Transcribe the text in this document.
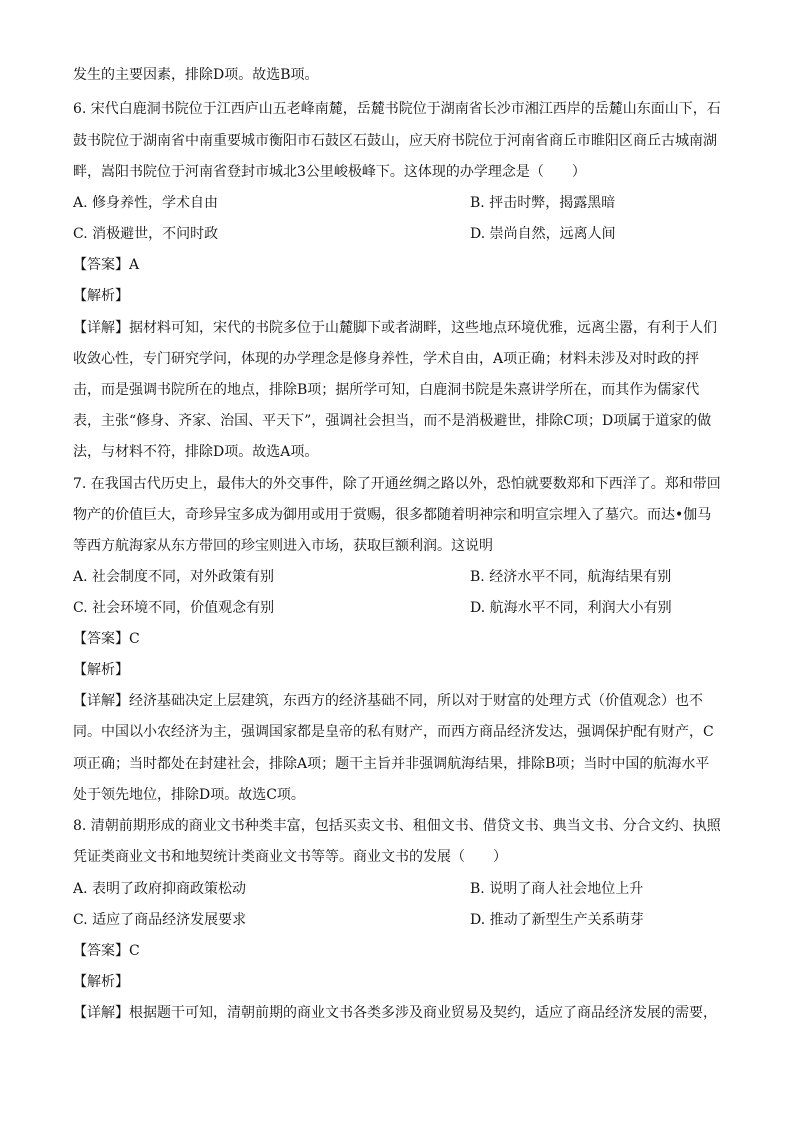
发生的主要因素，排除D项。故选B项。
6. 宋代白鹿洞书院位于江西庐山五老峰南麓，岳麓书院位于湖南省长沙市湘江西岸的岳麓山东面山下，石
鼓书院位于湖南省中南重要城市衡阳市石鼓区石鼓山，应天府书院位于河南省商丘市睢阳区商丘古城南湖
畔，嵩阳书院位于河南省登封市城北3公里峻极峰下。这体现的办学理念是（　　）
A. 修身养性，学术自由	B. 抨击时弊，揭露黑暗
C. 消极避世，不问时政	D. 崇尚自然，远离人间
【答案】A
【解析】
【详解】据材料可知，宋代的书院多位于山麓脚下或者湖畔，这些地点环境优雅，远离尘嚣，有利于人们
收敛心性，专门研究学问，体现的办学理念是修身养性，学术自由，A项正确；材料未涉及对时政的抨
击，而是强调书院所在的地点，排除B项；据所学可知，白鹿洞书院是朱熹讲学所在，而其作为儒家代
表，主张“修身、齐家、治国、平天下”，强调社会担当，而不是消极避世，排除C项；D项属于道家的做
法，与材料不符，排除D项。故选A项。
7. 在我国古代历史上，最伟大的外交事件，除了开通丝绸之路以外，恐怕就要数郑和下西洋了。郑和带回
物产的价值巨大，奇珍异宝多成为御用或用于赏赐，很多都随着明神宗和明宣宗埋入了墓穴。而达•伽马
等西方航海家从东方带回的珍宝则进入市场，获取巨额利润。这说明
A. 社会制度不同，对外政策有别	B. 经济水平不同，航海结果有别
C. 社会环境不同，价值观念有别	D. 航海水平不同，利润大小有别
【答案】C
【解析】
【详解】经济基础决定上层建筑，东西方的经济基础不同，所以对于财富的处理方式（价值观念）也不
同。中国以小农经济为主，强调国家都是皇帝的私有财产，而西方商品经济发达，强调保护配有财产，C
项正确；当时都处在封建社会，排除A项；题干主旨并非强调航海结果，排除B项；当时中国的航海水平
处于领先地位，排除D项。故选C项。
8. 清朝前期形成的商业文书种类丰富，包括买卖文书、租佃文书、借贷文书、典当文书、分合文约、执照
凭证类商业文书和地契统计类商业文书等等。商业文书的发展（　　）
A. 表明了政府抑商政策松动	B. 说明了商人社会地位上升
C. 适应了商品经济发展要求	D. 推动了新型生产关系萌芽
【答案】C
【解析】
【详解】根据题干可知，清朝前期的商业文书各类多涉及商业贸易及契约，适应了商品经济发展的需要，
